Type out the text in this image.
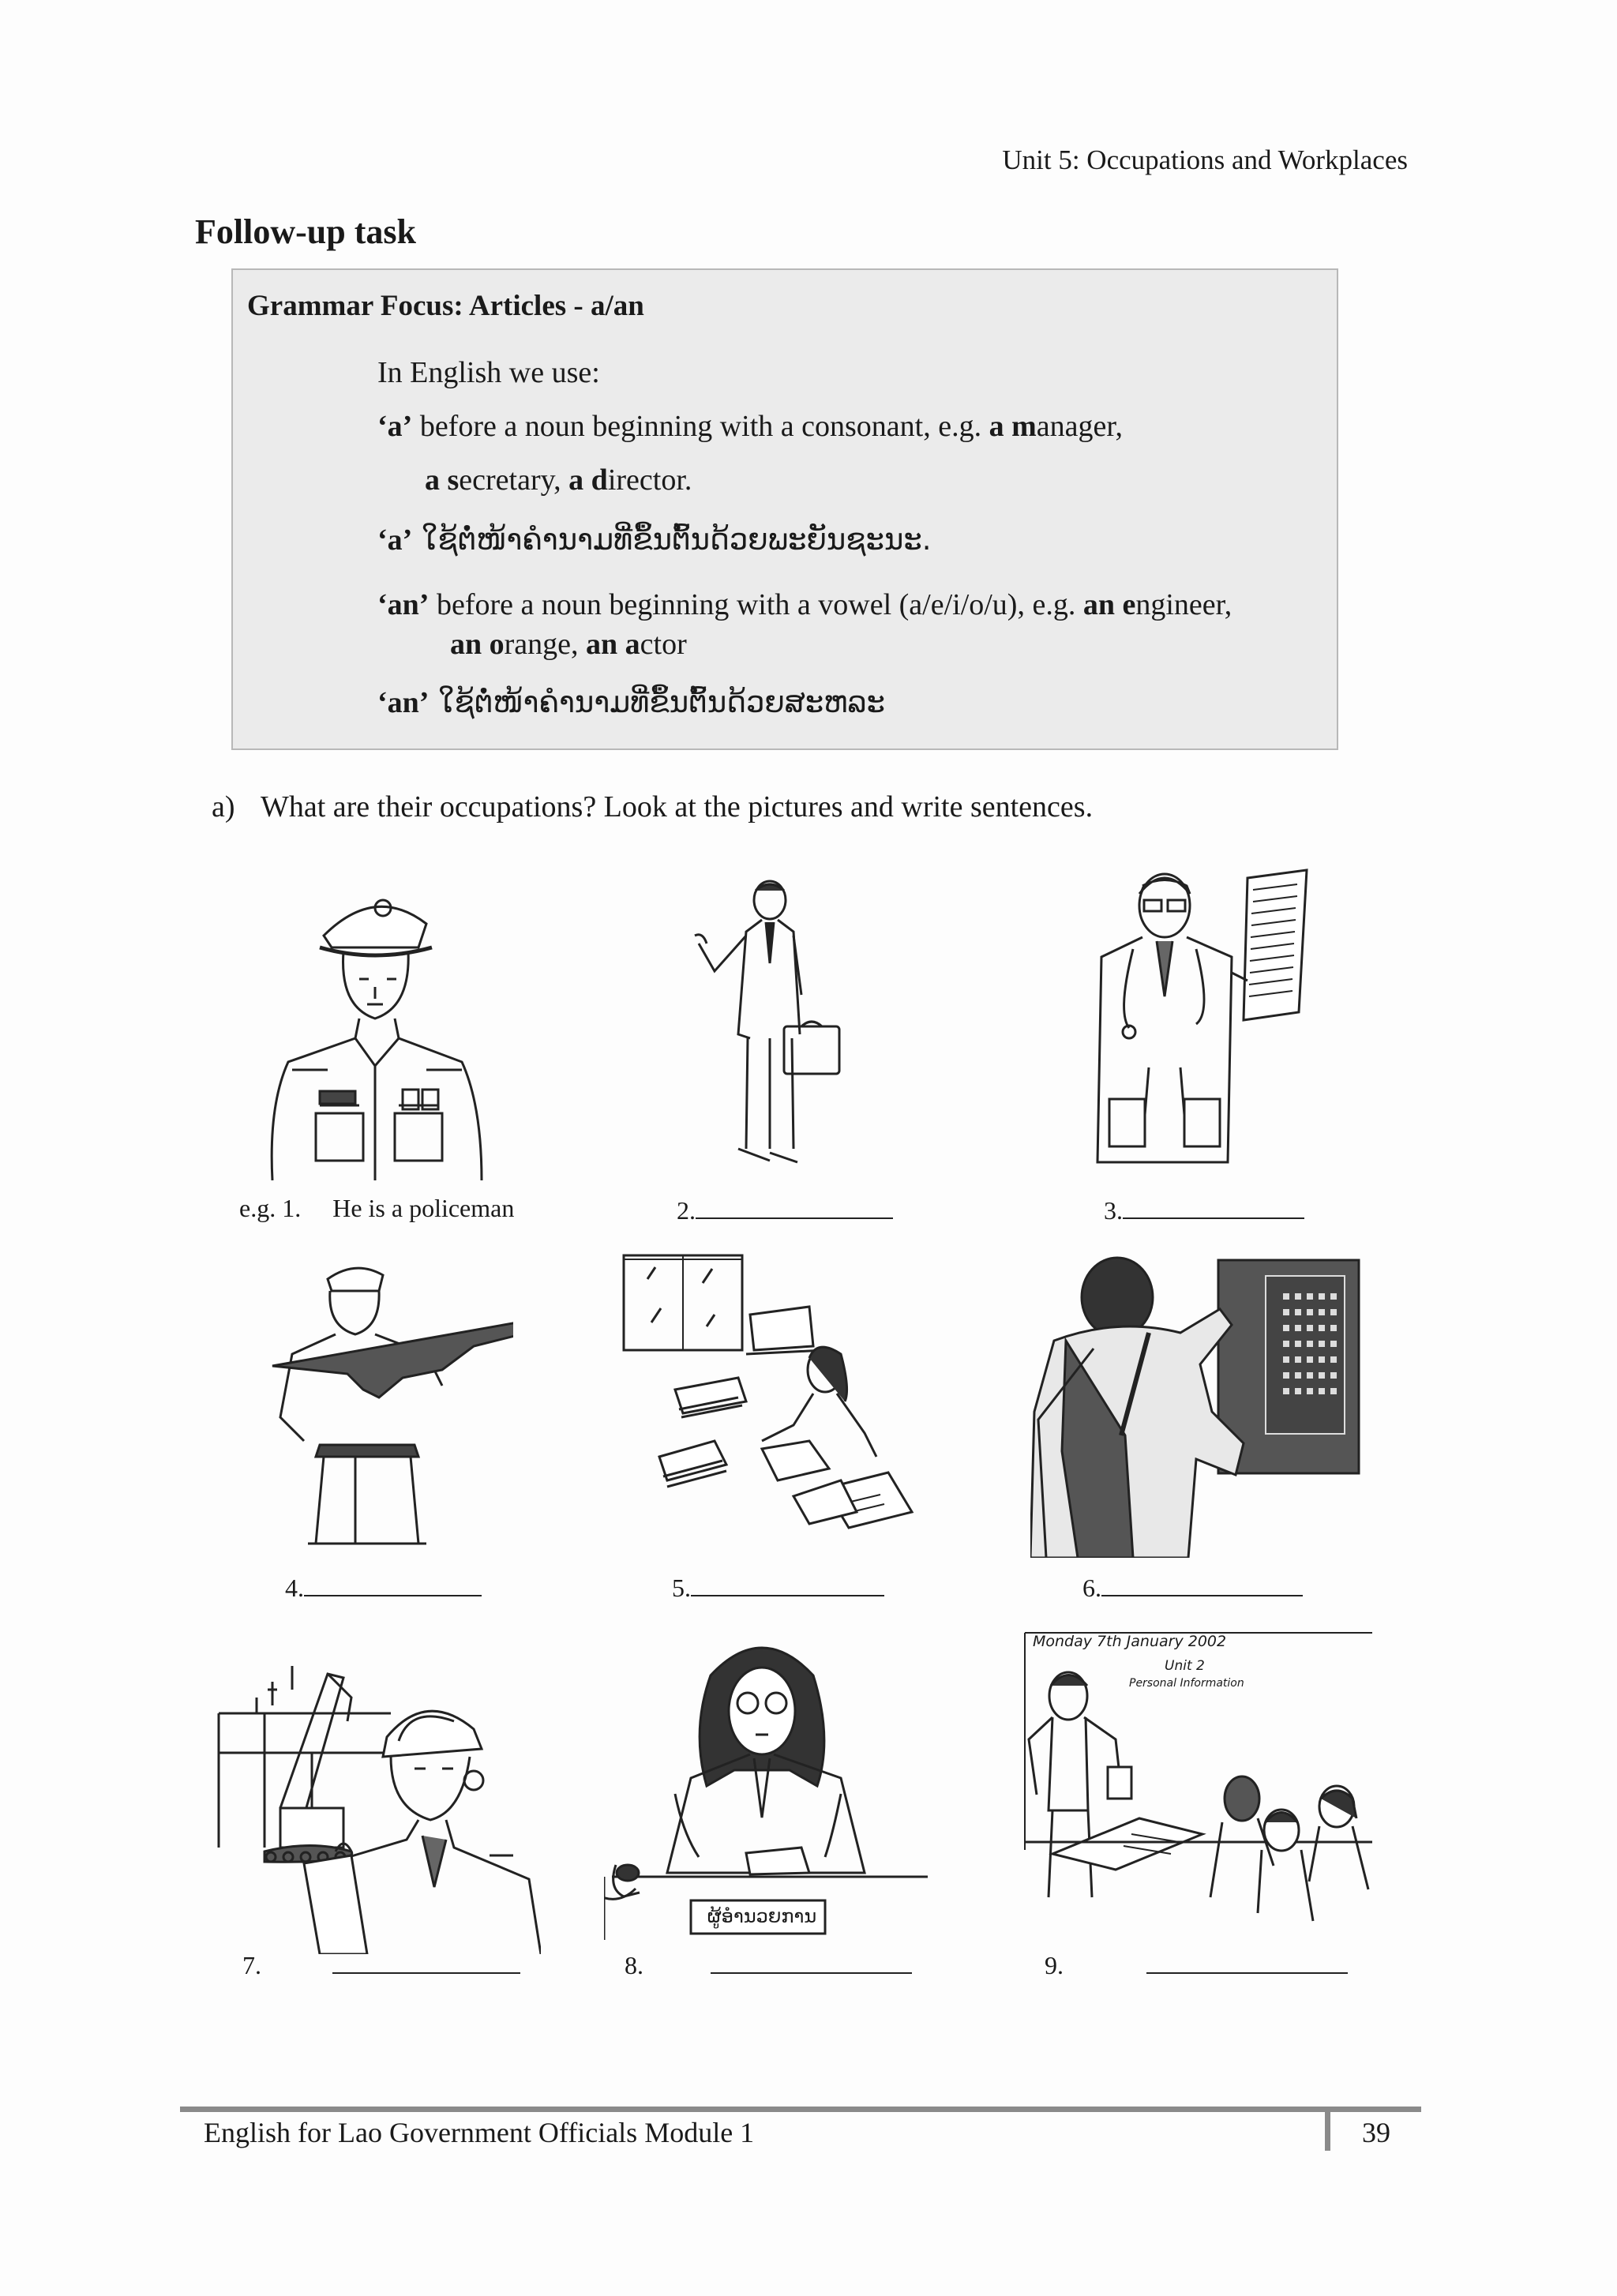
Unit 5: Occupations and Workplaces
Follow-up task
Grammar Focus: Articles - a/an
In English we use:
‘a’ before a noun beginning with a consonant, e.g. a manager,
a secretary, a director.
‘a’ ໃຊ້ຕໍ່ໜ້າຄຳນາມທີ່ຂຶ້ນຕົ້ນດ້ວຍພະຍັນຊະນະ.
‘an’ before a noun beginning with a vowel (a/e/i/o/u), e.g. an engineer,
an orange, an actor
‘an’ ໃຊ້ຕໍ່ໜ້າຄຳນາມທີ່ຂຶ້ນຕົ້ນດ້ວຍສະຫລະ
a) What are their occupations? Look at the pictures and write sentences.
e.g. 1. He is a policeman	2.	3.
4.	5.	6.
ຜູ້ອຳນວຍການ
Monday 7th January 2002
Unit 2
Personal Information
7.	8.	9.
English for Lao Government Officials Module 1	39
